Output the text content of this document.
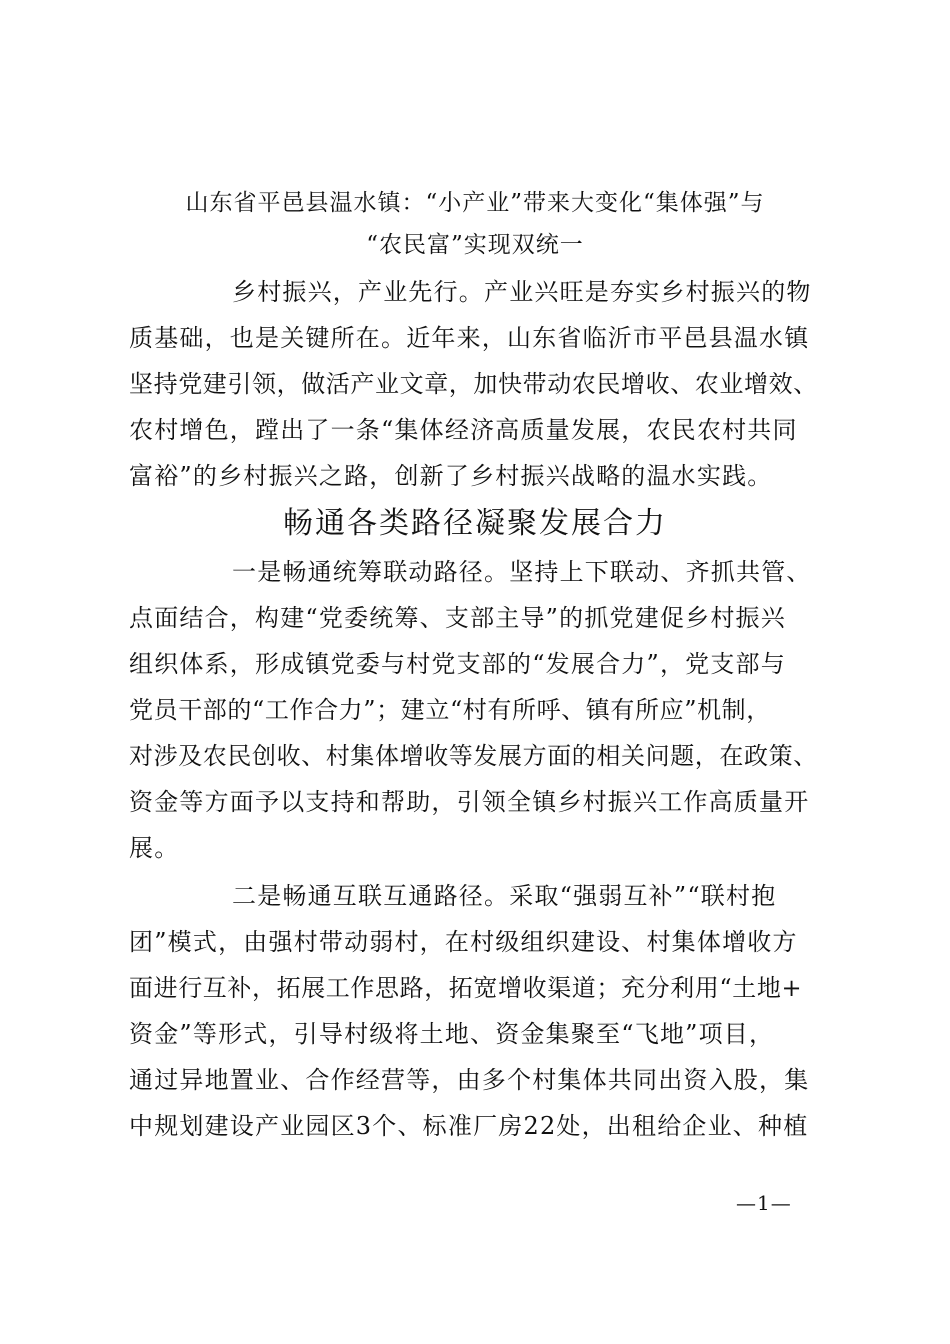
山东省平邑县温水镇：“小产业”带来大变化“集体强”与
“农民富”实现双统一
乡村振兴，产业先行。产业兴旺是夯实乡村振兴的物
质基础，也是关键所在。近年来，山东省临沂市平邑县温水镇
坚持党建引领，做活产业文章，加快带动农民增收、农业增效、
农村增色，蹚出了一条“集体经济高质量发展，农民农村共同
富裕”的乡村振兴之路，创新了乡村振兴战略的温水实践。
畅通各类路径凝聚发展合力
一是畅通统筹联动路径。坚持上下联动、齐抓共管、
点面结合，构建“党委统筹、支部主导”的抓党建促乡村振兴
组织体系，形成镇党委与村党支部的“发展合力”，党支部与
党员干部的“工作合力”；建立“村有所呼、镇有所应”机制，
对涉及农民创收、村集体增收等发展方面的相关问题，在政策、
资金等方面予以支持和帮助，引领全镇乡村振兴工作高质量开
展。
二是畅通互联互通路径。采取“强弱互补”“联村抱
团”模式，由强村带动弱村，在村级组织建设、村集体增收方
面进行互补，拓展工作思路，拓宽增收渠道；充分利用“土地+
资金”等形式，引导村级将土地、资金集聚至“飞地”项目，
通过异地置业、合作经营等，由多个村集体共同出资入股，集
中规划建设产业园区3个、标准厂房22处，出租给企业、种植
—1—
